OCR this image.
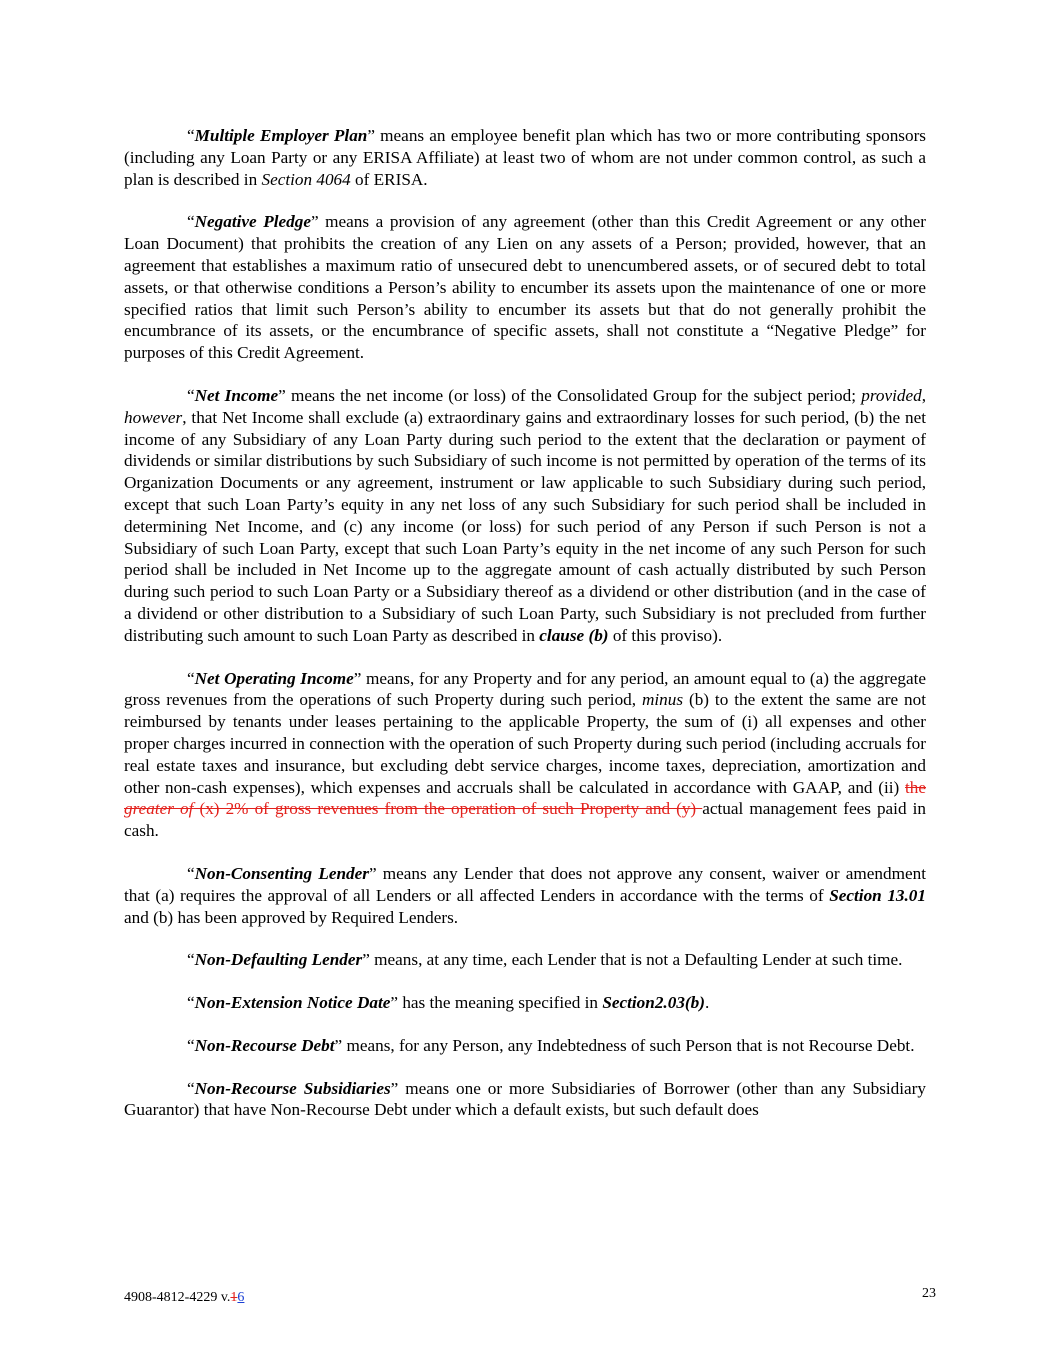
“Multiple Employer Plan” means an employee benefit plan which has two or more contributing sponsors (including any Loan Party or any ERISA Affiliate) at least two of whom are not under common control, as such a plan is described in Section 4064 of ERISA.

“Negative Pledge” means a provision of any agreement (other than this Credit Agreement or any other Loan Document) that prohibits the creation of any Lien on any assets of a Person; provided, however, that an agreement that establishes a maximum ratio of unsecured debt to unencumbered assets, or of secured debt to total assets, or that otherwise conditions a Person’s ability to encumber its assets upon the maintenance of one or more specified ratios that limit such Person’s ability to encumber its assets but that do not generally prohibit the encumbrance of its assets, or the encumbrance of specific assets, shall not constitute a “Negative Pledge” for purposes of this Credit Agreement.

“Net Income” means the net income (or loss) of the Consolidated Group for the subject period; provided, however, that Net Income shall exclude (a) extraordinary gains and extraordinary losses for such period, (b) the net income of any Subsidiary of any Loan Party during such period to the extent that the declaration or payment of dividends or similar distributions by such Subsidiary of such income is not permitted by operation of the terms of its Organization Documents or any agreement, instrument or law applicable to such Subsidiary during such period, except that such Loan Party’s equity in any net loss of any such Subsidiary for such period shall be included in determining Net Income, and (c) any income (or loss) for such period of any Person if such Person is not a Subsidiary of such Loan Party, except that such Loan Party’s equity in the net income of any such Person for such period shall be included in Net Income up to the aggregate amount of cash actually distributed by such Person during such period to such Loan Party or a Subsidiary thereof as a dividend or other distribution (and in the case of a dividend or other distribution to a Subsidiary of such Loan Party, such Subsidiary is not precluded from further distributing such amount to such Loan Party as described in clause (b) of this proviso).

“Net Operating Income” means, for any Property and for any period, an amount equal to (a) the aggregate gross revenues from the operations of such Property during such period, minus (b) to the extent the same are not reimbursed by tenants under leases pertaining to the applicable Property, the sum of (i) all expenses and other proper charges incurred in connection with the operation of such Property during such period (including accruals for real estate taxes and insurance, but excluding debt service charges, income taxes, depreciation, amortization and other non-cash expenses), which expenses and accruals shall be calculated in accordance with GAAP, and (ii) the greater of (x) 2% of gross revenues from the operation of such Property and (y) actual management fees paid in cash.

“Non-Consenting Lender” means any Lender that does not approve any consent, waiver or amendment that (a) requires the approval of all Lenders or all affected Lenders in accordance with the terms of Section 13.01 and (b) has been approved by Required Lenders.

“Non-Defaulting Lender” means, at any time, each Lender that is not a Defaulting Lender at such time.

“Non-Extension Notice Date” has the meaning specified in Section2.03(b).

“Non-Recourse Debt” means, for any Person, any Indebtedness of such Person that is not Recourse Debt.

“Non-Recourse Subsidiaries” means one or more Subsidiaries of Borrower (other than any Subsidiary Guarantor) that have Non-Recourse Debt under which a default exists, but such default does

4908-4812-4229 v.16	23
